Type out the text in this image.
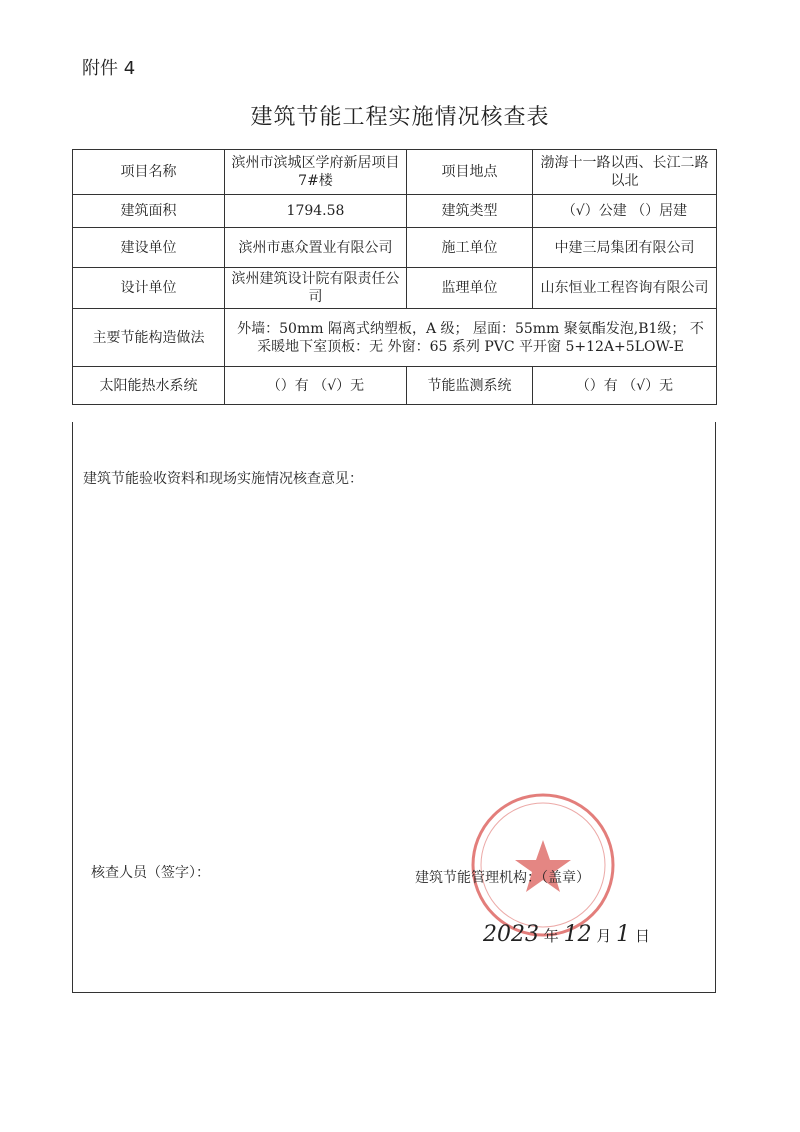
附件 4
建筑节能工程实施情况核查表
项目名称	滨州市滨城区学府新居项目 7#楼	项目地点	渤海十一路以西、长江二路以北
建筑面积	1794.58	建筑类型	（√）公建 （）居建
建设单位	滨州市惠众置业有限公司	施工单位	中建三局集团有限公司
设计单位	滨州建筑设计院有限责任公司	监理单位	山东恒业工程咨询有限公司
主要节能构造做法	外墙：50mm 隔离式纳塑板，A 级； 屋面：55mm 聚氨酯发泡,B1级； 不采暖地下室顶板：无 外窗：65 系列 PVC 平开窗 5+12A+5LOW-E		
太阳能热水系统	（）有 （√）无	节能监测系统	（）有 （√）无
建筑节能验收资料和现场实施情况核查意见：
核查人员（签字）：	建筑节能管理机构：（盖章）
2023 年 12 月 1 日
